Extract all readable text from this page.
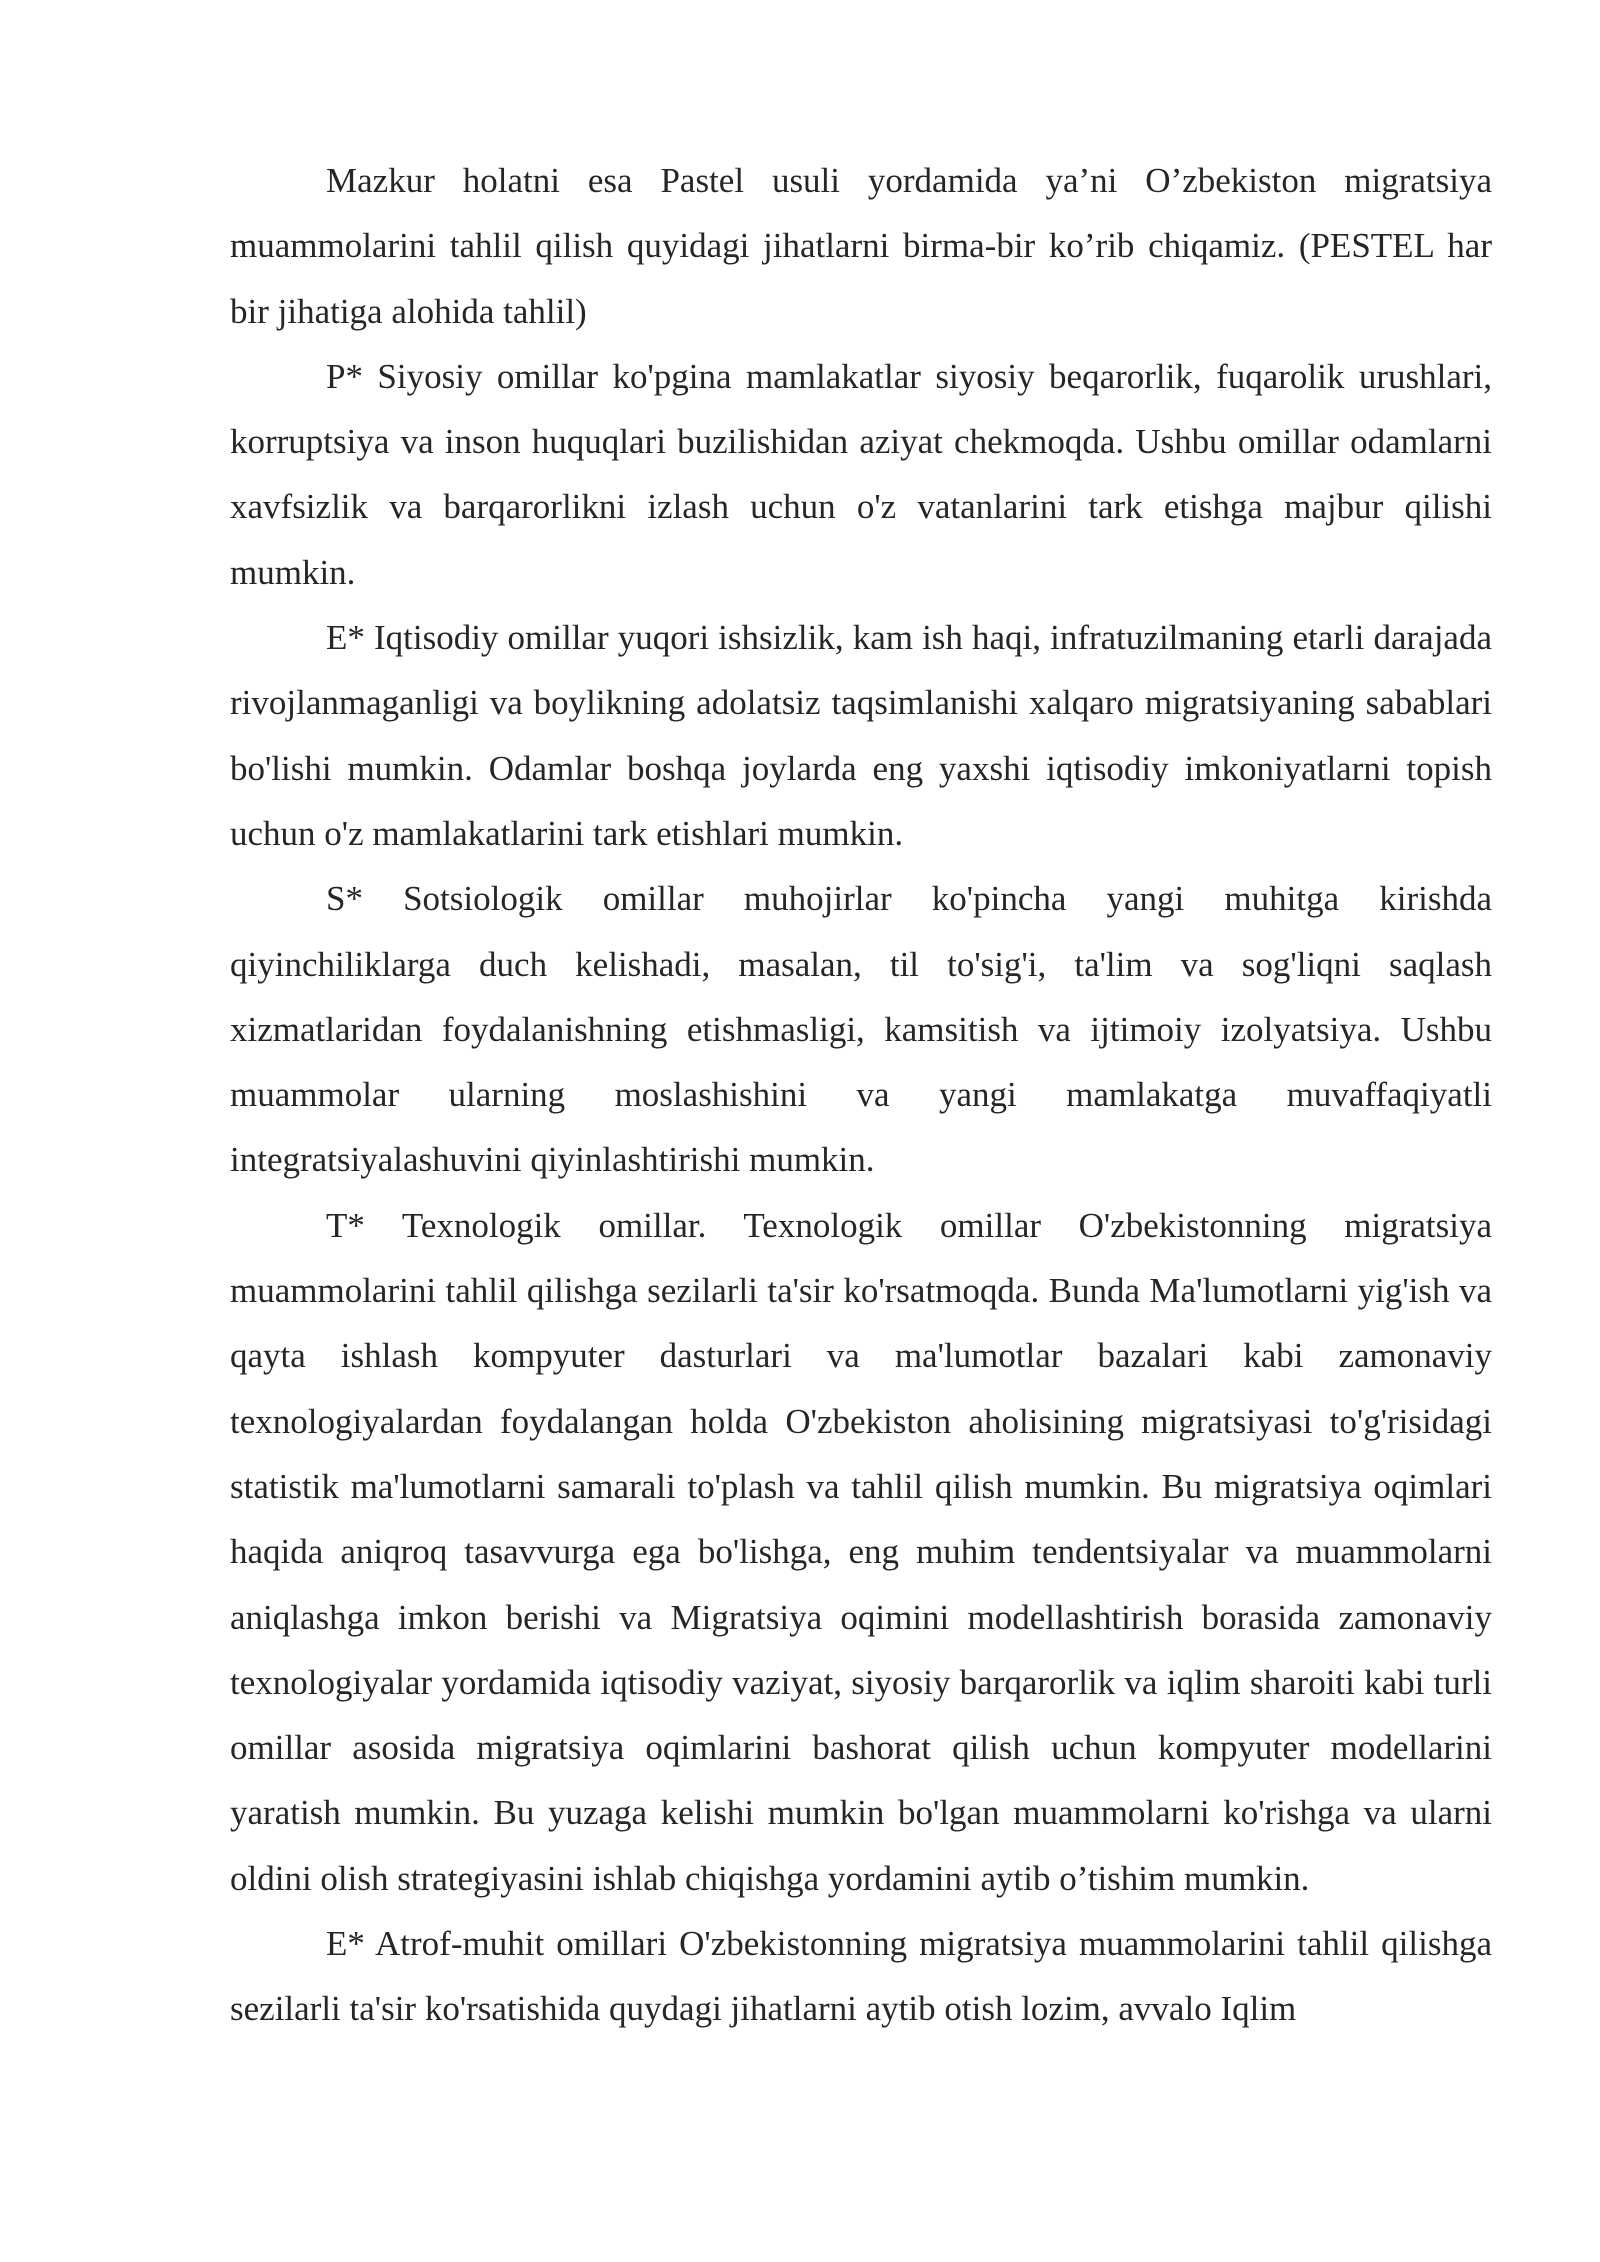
Mazkur holatni esa Pastel usuli yordamida ya’ni O’zbekiston migratsiya muammolarini tahlil qilish quyidagi jihatlarni birma-bir ko’rib chiqamiz. (PESTEL har bir jihatiga alohida tahlil)

P* Siyosiy omillar ko'pgina mamlakatlar siyosiy beqarorlik, fuqarolik urushlari, korruptsiya va inson huquqlari buzilishidan aziyat chekmoqda. Ushbu omillar odamlarni xavfsizlik va barqarorlikni izlash uchun o'z vatanlarini tark etishga majbur qilishi mumkin.

E* Iqtisodiy omillar yuqori ishsizlik, kam ish haqi, infratuzilmaning etarli darajada rivojlanmaganligi va boylikning adolatsiz taqsimlanishi xalqaro migratsiyaning sabablari bo'lishi mumkin. Odamlar boshqa joylarda eng yaxshi iqtisodiy imkoniyatlarni topish uchun o'z mamlakatlarini tark etishlari mumkin.

S* Sotsiologik omillar muhojirlar ko'pincha yangi muhitga kirishda qiyinchiliklarga duch kelishadi, masalan, til to'sig'i, ta'lim va sog'liqni saqlash xizmatlaridan foydalanishning etishmasligi, kamsitish va ijtimoiy izolyatsiya. Ushbu muammolar ularning moslashishini va yangi mamlakatga muvaffaqiyatli integratsiyalashuvini qiyinlashtirishi mumkin.

T* Texnologik omillar. Texnologik omillar O'zbekistonning migratsiya muammolarini tahlil qilishga sezilarli ta'sir ko'rsatmoqda. Bunda Ma'lumotlarni yig'ish va qayta ishlash kompyuter dasturlari va ma'lumotlar bazalari kabi zamonaviy texnologiyalardan foydalangan holda O'zbekiston aholisining migratsiyasi to'g'risidagi statistik ma'lumotlarni samarali to'plash va tahlil qilish mumkin. Bu migratsiya oqimlari haqida aniqroq tasavvurga ega bo'lishga, eng muhim tendentsiyalar va muammolarni aniqlashga imkon berishi va Migratsiya oqimini modellashtirish borasida zamonaviy texnologiyalar yordamida iqtisodiy vaziyat, siyosiy barqarorlik va iqlim sharoiti kabi turli omillar asosida migratsiya oqimlarini bashorat qilish uchun kompyuter modellarini yaratish mumkin. Bu yuzaga kelishi mumkin bo'lgan muammolarni ko'rishga va ularni oldini olish strategiyasini ishlab chiqishga yordamini aytib o’tishim mumkin.

E* Atrof-muhit omillari O'zbekistonning migratsiya muammolarini tahlil qilishga sezilarli ta'sir ko'rsatishida quydagi jihatlarni aytib otish lozim, avvalo Iqlim
